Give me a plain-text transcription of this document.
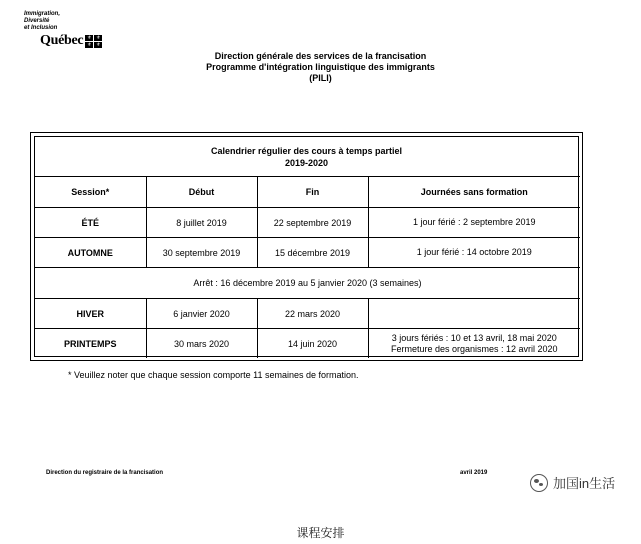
Immigration,
Diversité
et Inclusion
Québec ⚜ ⚜
⚜ ⚜
Direction générale des services de la francisation
Programme d'intégration linguistique des immigrants
(PILI)
Calendrier régulier des cours à temps partiel
2019-2020
Session*	Début	Fin	Journées sans formation
ÉTÉ	8 juillet 2019	22 septembre 2019	1 jour férié : 2 septembre 2019
AUTOMNE	30 septembre 2019	15 décembre 2019	1 jour férié : 14 octobre 2019
Arrêt : 16 décembre 2019 au 5 janvier 2020 (3 semaines)			
HIVER	6 janvier 2020	22 mars 2020	
PRINTEMPS	30 mars 2020	14 juin 2020	3 jours fériés : 10 et 13 avril, 18 mai 2020
Fermeture des organismes : 12 avril 2020
* Veuillez noter que chaque session comporte 11 semaines de formation.
Direction du registraire de la francisation	avril 2019
加国in生活
课程安排
